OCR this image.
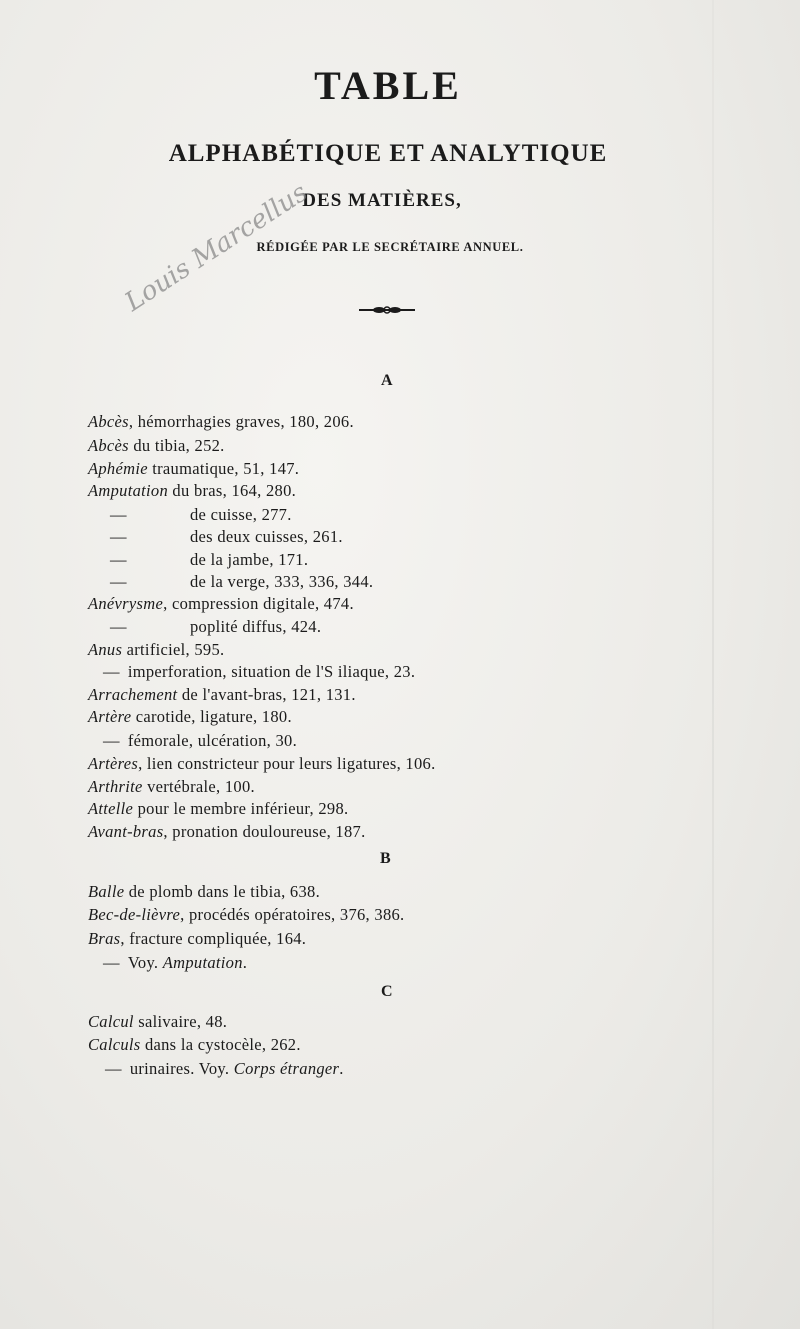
TABLE
ALPHABÉTIQUE ET ANALYTIQUE
DES MATIÈRES,
RÉDIGÉE PAR LE SECRÉTAIRE ANNUEL.
Louis Marcellus
A
Abcès, hémorrhagies graves, 180, 206.
Abcès du tibia, 252.
Aphémie traumatique, 51, 147.
Amputation du bras, 164, 280.
—	de cuisse, 277.
—	des deux cuisses, 261.
—	de la jambe, 171.
—	de la verge, 333, 336, 344.
Anévrysme, compression digitale, 474.
—	poplité diffus, 424.
Anus artificiel, 595.
— imperforation, situation de l'S iliaque, 23.
Arrachement de l'avant-bras, 121, 131.
Artère carotide, ligature, 180.
— fémorale, ulcération, 30.
Artères, lien constricteur pour leurs ligatures, 106.
Arthrite vertébrale, 100.
Attelle pour le membre inférieur, 298.
Avant-bras, pronation douloureuse, 187.
B
Balle de plomb dans le tibia, 638.
Bec-de-lièvre, procédés opératoires, 376, 386.
Bras, fracture compliquée, 164.
— Voy. Amputation.
C
Calcul salivaire, 48.
Calculs dans la cystocèle, 262.
— urinaires. Voy. Corps étranger.
